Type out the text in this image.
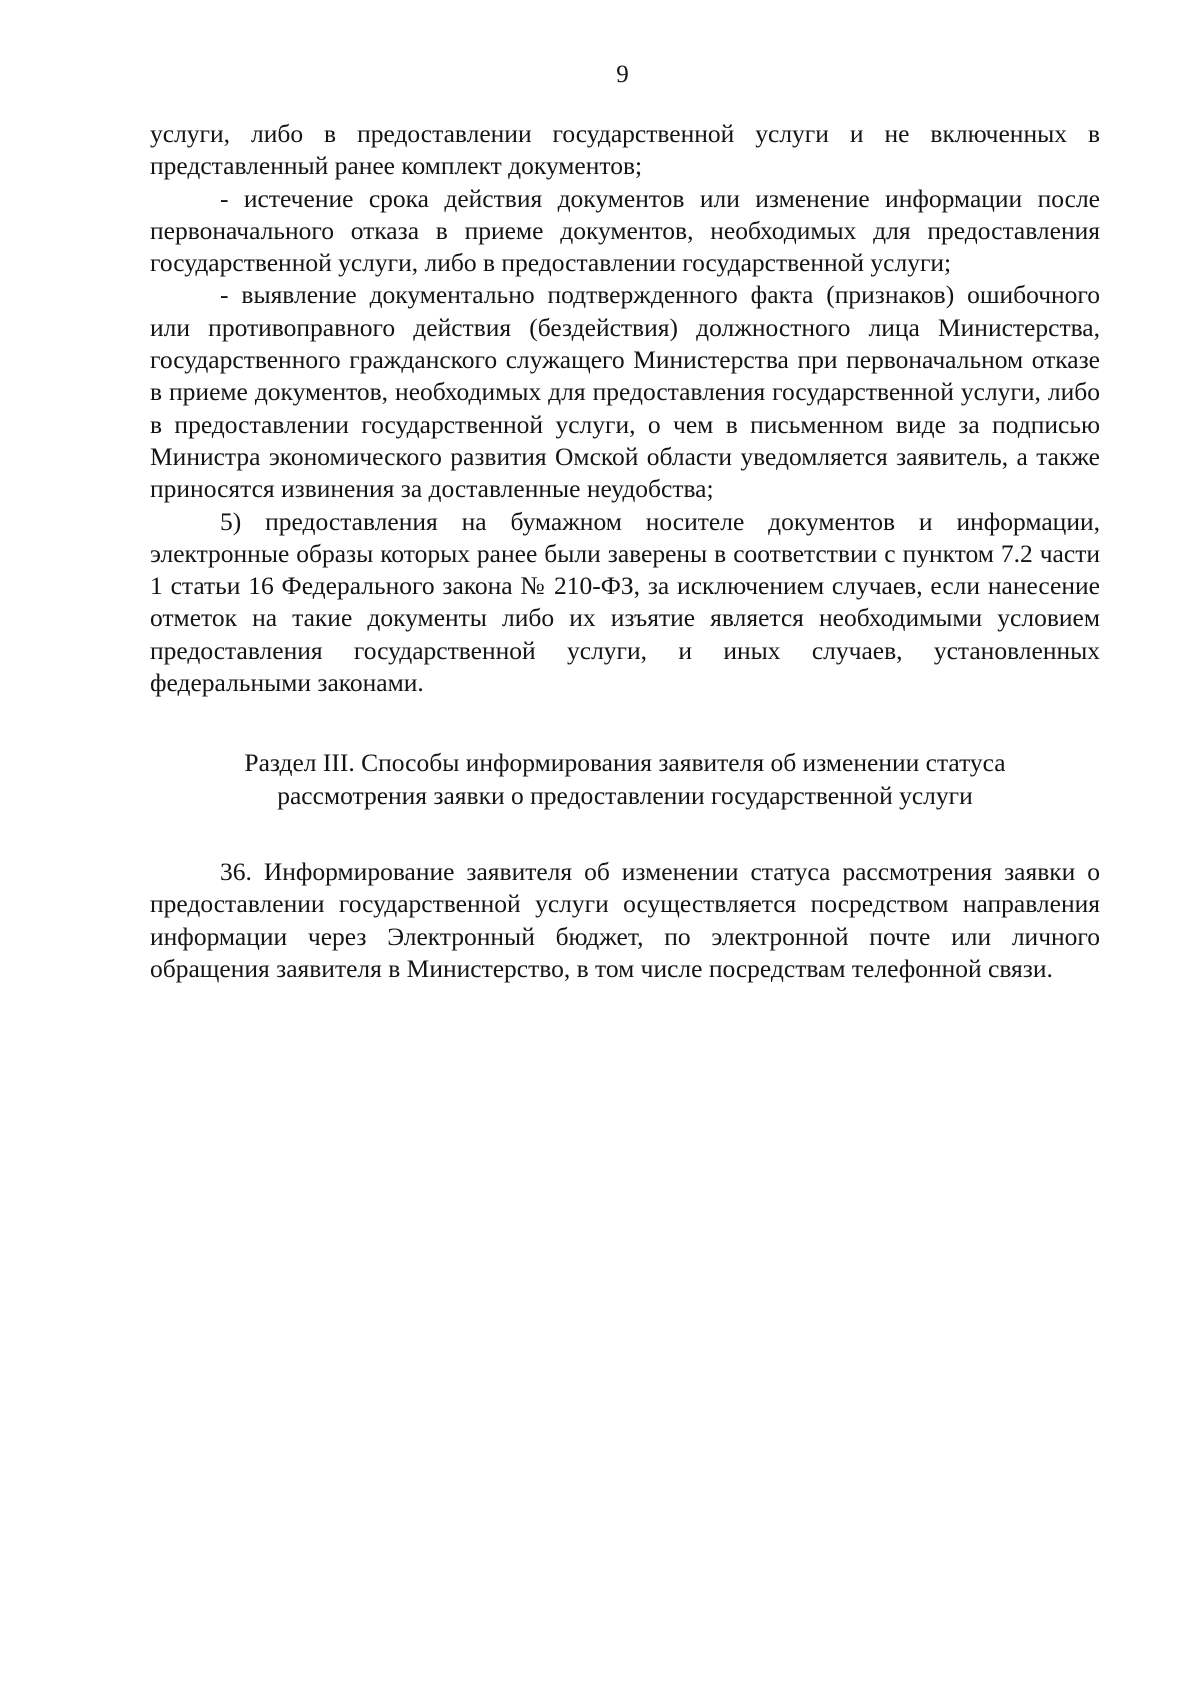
9

услуги, либо в предоставлении государственной услуги и не включенных в представленный ранее комплект документов;

- истечение срока действия документов или изменение информации после первоначального отказа в приеме документов, необходимых для предоставления государственной услуги, либо в предоставлении государственной услуги;

- выявление документально подтвержденного факта (признаков) ошибочного или противоправного действия (бездействия) должностного лица Министерства, государственного гражданского служащего Министерства при первоначальном отказе в приеме документов, необходимых для предоставления государственной услуги, либо в предоставлении государственной услуги, о чем в письменном виде за подписью Министра экономического развития Омской области уведомляется заявитель, а также приносятся извинения за доставленные неудобства;

5) предоставления на бумажном носителе документов и информации, электронные образы которых ранее были заверены в соответствии с пунктом 7.2 части 1 статьи 16 Федерального закона № 210-ФЗ, за исключением случаев, если нанесение отметок на такие документы либо их изъятие является необходимыми условием предоставления государственной услуги, и иных случаев, установленных федеральными законами.

Раздел III. Способы информирования заявителя об изменении статуса
рассмотрения заявки о предоставлении государственной услуги

36. Информирование заявителя об изменении статуса рассмотрения заявки о предоставлении государственной услуги осуществляется посредством направления информации через Электронный бюджет, по электронной почте или личного обращения заявителя в Министерство, в том числе посредствам телефонной связи.
